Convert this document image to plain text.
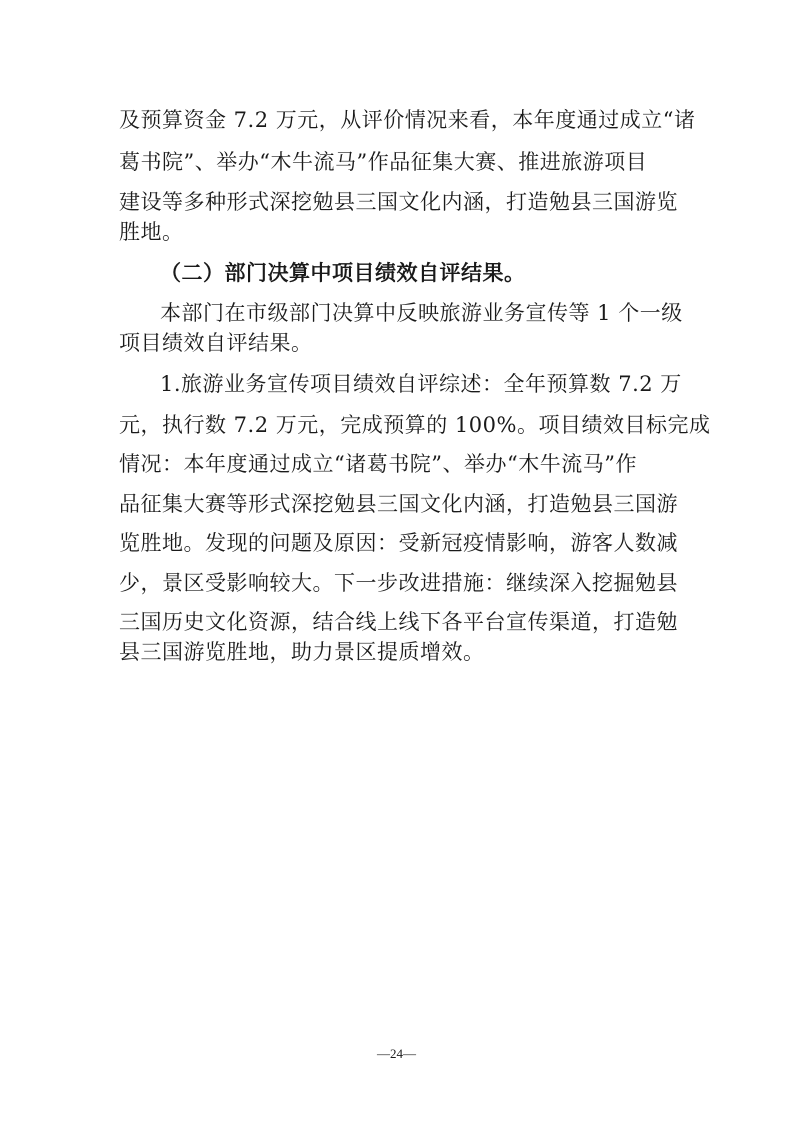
及预算资金 7.2 万元，从评价情况来看，本年度通过成立“诸
葛书院”、举办“木牛流马”作品征集大赛、推进旅游项目
建设等多种形式深挖勉县三国文化内涵，打造勉县三国游览
胜地。
（二）部门决算中项目绩效自评结果。
本部门在市级部门决算中反映旅游业务宣传等 1 个一级
项目绩效自评结果。
1.旅游业务宣传项目绩效自评综述：全年预算数 7.2 万
元，执行数 7.2 万元，完成预算的 100%。项目绩效目标完成
情况：本年度通过成立“诸葛书院”、举办“木牛流马”作
品征集大赛等形式深挖勉县三国文化内涵，打造勉县三国游
览胜地。发现的问题及原因：受新冠疫情影响，游客人数减
少，景区受影响较大。下一步改进措施：继续深入挖掘勉县
三国历史文化资源，结合线上线下各平台宣传渠道，打造勉
县三国游览胜地，助力景区提质增效。
—24—
